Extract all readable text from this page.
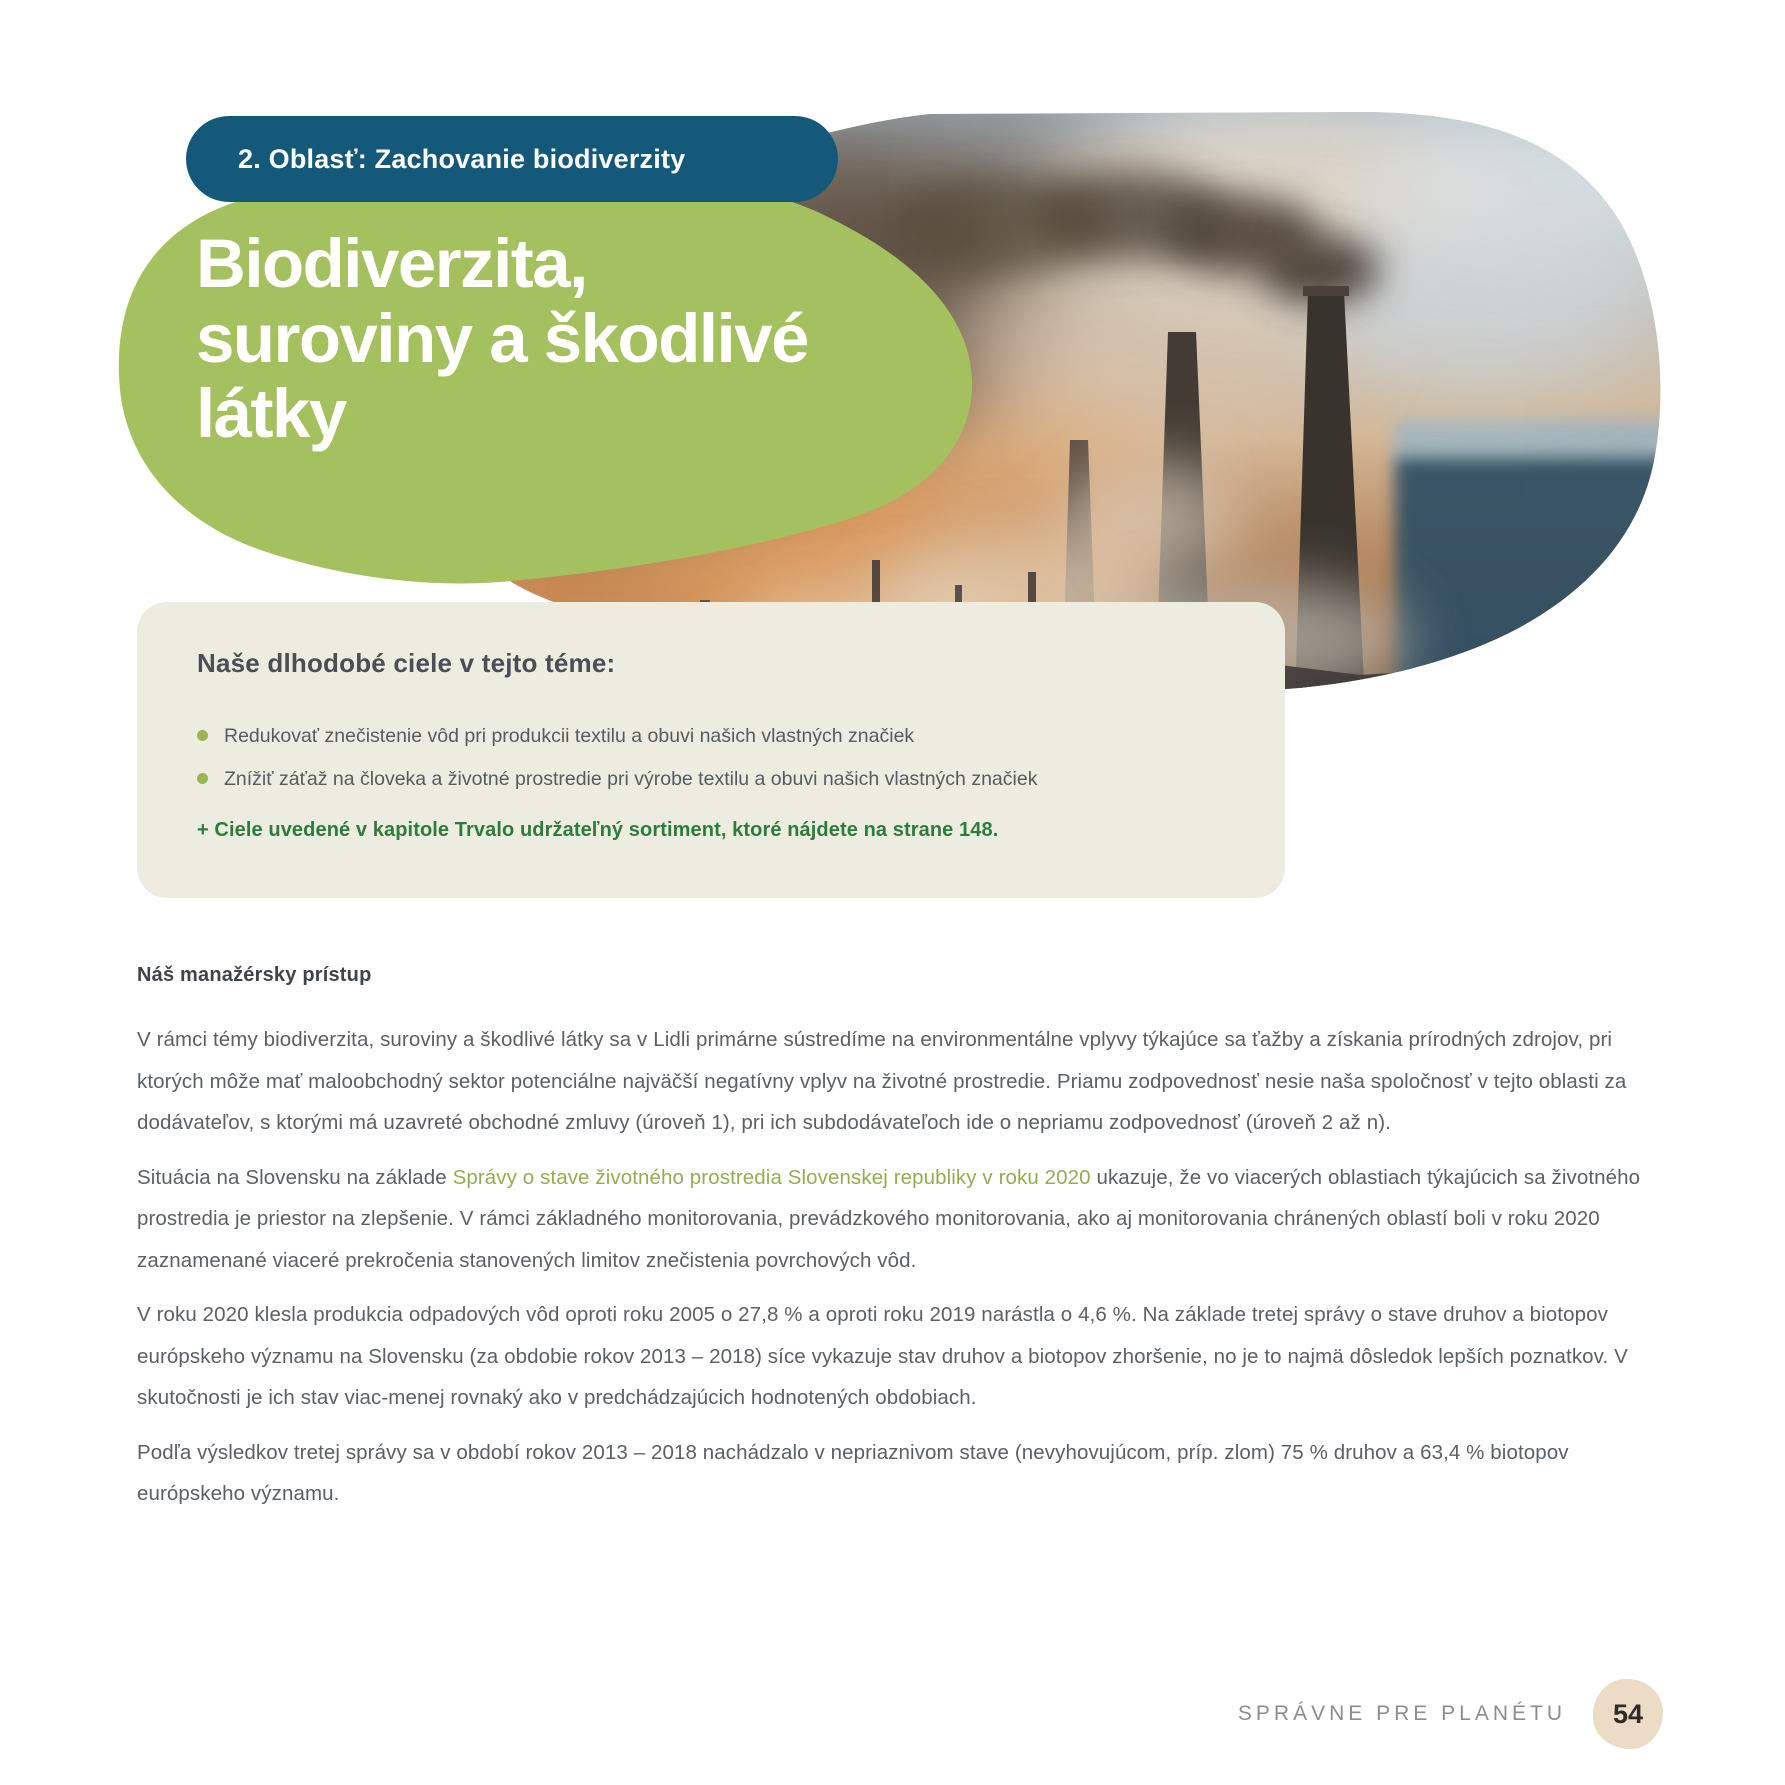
2. Oblasť: Zachovanie biodiverzity
Biodiverzita,
suroviny a škodlivé
látky
Naše dlhodobé ciele v tejto téme:
Redukovať znečistenie vôd pri produkcii textilu a obuvi našich vlastných značiek
Znížiť záťaž na človeka a životné prostredie pri výrobe textilu a obuvi našich vlastných značiek
+ Ciele uvedené v kapitole Trvalo udržateľný sortiment, ktoré nájdete na strane 148.
Náš manažérsky prístup

V rámci témy biodiverzita, suroviny a škodlivé látky sa v Lidli primárne sústredíme na environmentálne vplyvy týkajúce sa ťažby a získania prírodných zdrojov, pri ktorých môže mať maloobchodný sektor potenciálne najväčší negatívny vplyv na životné prostredie. Priamu zodpovednosť nesie naša spoločnosť v tejto oblasti za dodávateľov, s ktorými má uzavreté obchodné zmluvy (úroveň 1), pri ich subdodávateľoch ide o nepriamu zodpovednosť (úroveň 2 až n).

Situácia na Slovensku na základe Správy o stave životného prostredia Slovenskej republiky v roku 2020 ukazuje, že vo viacerých oblastiach týkajúcich sa životného prostredia je priestor na zlepšenie. V rámci základného monitorovania, prevádzkového monitorovania, ako aj monitorovania chránených oblastí boli v roku 2020 zaznamenané viaceré prekročenia stanovených limitov znečistenia povrchových vôd.

V roku 2020 klesla produkcia odpadových vôd oproti roku 2005 o 27,8 % a oproti roku 2019 narástla o 4,6 %. Na základe tretej správy o stave druhov a biotopov európskeho významu na Slovensku (za obdobie rokov 2013 – 2018) síce vykazuje stav druhov a biotopov zhoršenie, no je to najmä dôsledok lepších poznatkov. V skutočnosti je ich stav viac-menej rovnaký ako v predchádzajúcich hodnotených obdobiach.

Podľa výsledkov tretej správy sa v období rokov 2013 – 2018 nachádzalo v nepriaznivom stave (nevyhovujúcom, príp. zlom) 75 % druhov a 63,4 % biotopov európskeho významu.

SPRÁVNE PRE PLANÉTU 54
